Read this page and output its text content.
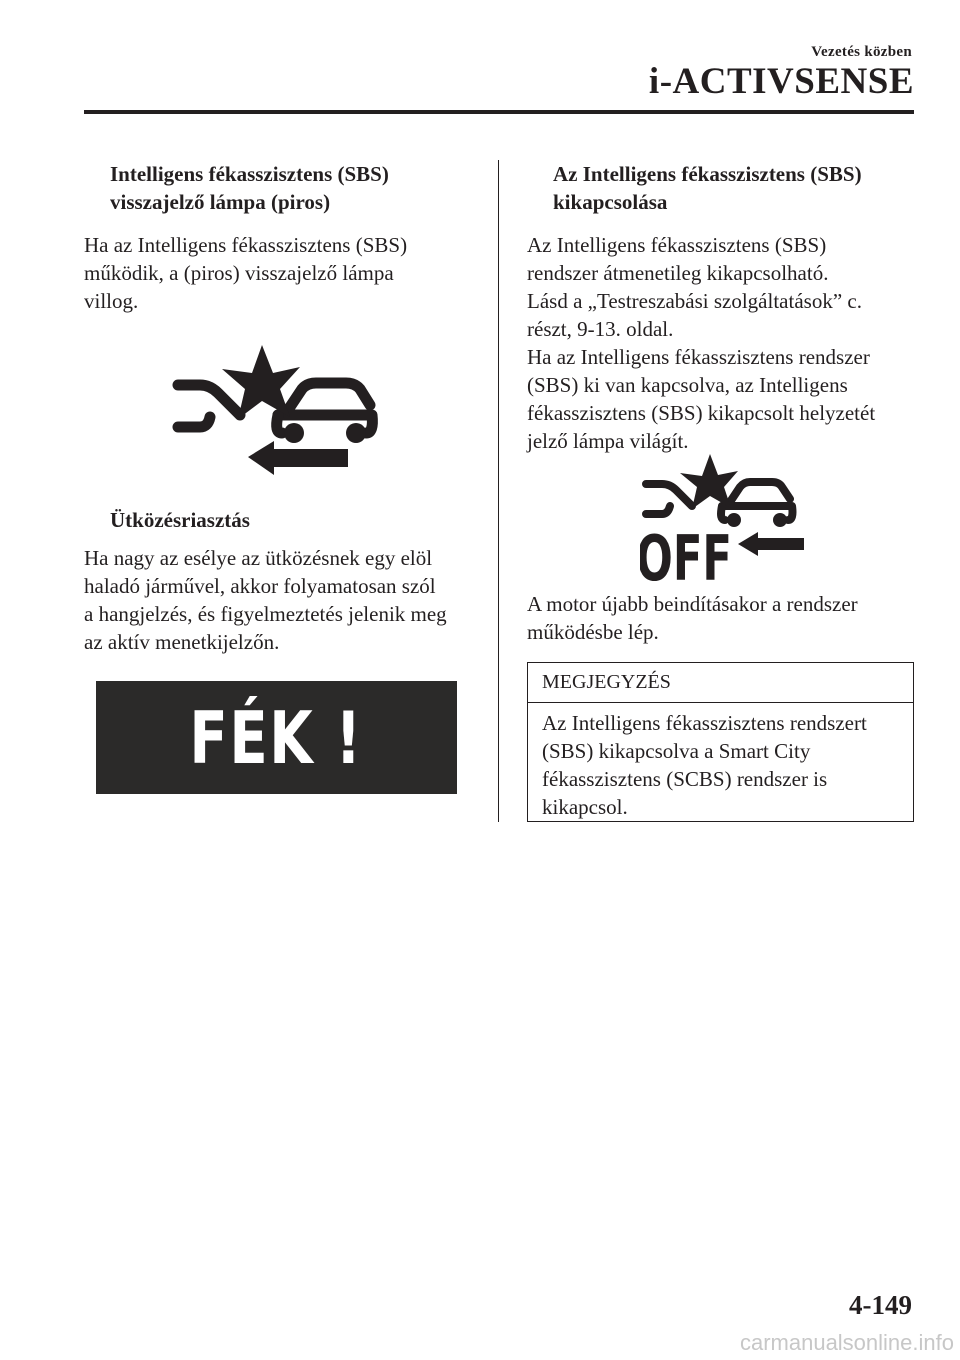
Vezetés közben
i-ACTIVSENSE
Intelligens fékasszisztens (SBS)
visszajelző lámpa (piros)
Ha az Intelligens fékasszisztens (SBS)
működik, a (piros) visszajelző lámpa
villog.
Ütközésriasztás
Ha nagy az esélye az ütközésnek egy elöl
haladó járművel, akkor folyamatosan szól
a hangjelzés, és figyelmeztetés jelenik meg
az aktív menetkijelzőn.
FÉK !
Az Intelligens fékasszisztens (SBS)
kikapcsolása
Az Intelligens fékasszisztens (SBS)
rendszer átmenetileg kikapcsolható.
Lásd a „Testreszabási szolgáltatások” c.
részt, 9-13. oldal.
Ha az Intelligens fékasszisztens rendszer
(SBS) ki van kapcsolva, az Intelligens
fékasszisztens (SBS) kikapcsolt helyzetét
jelző lámpa világít.
OFF
A motor újabb beindításakor a rendszer
működésbe lép.
MEGJEGYZÉS
Az Intelligens fékasszisztens rendszert
(SBS) kikapcsolva a Smart City
fékasszisztens (SCBS) rendszer is
kikapcsol.
4-149
carmanualsonline.info
